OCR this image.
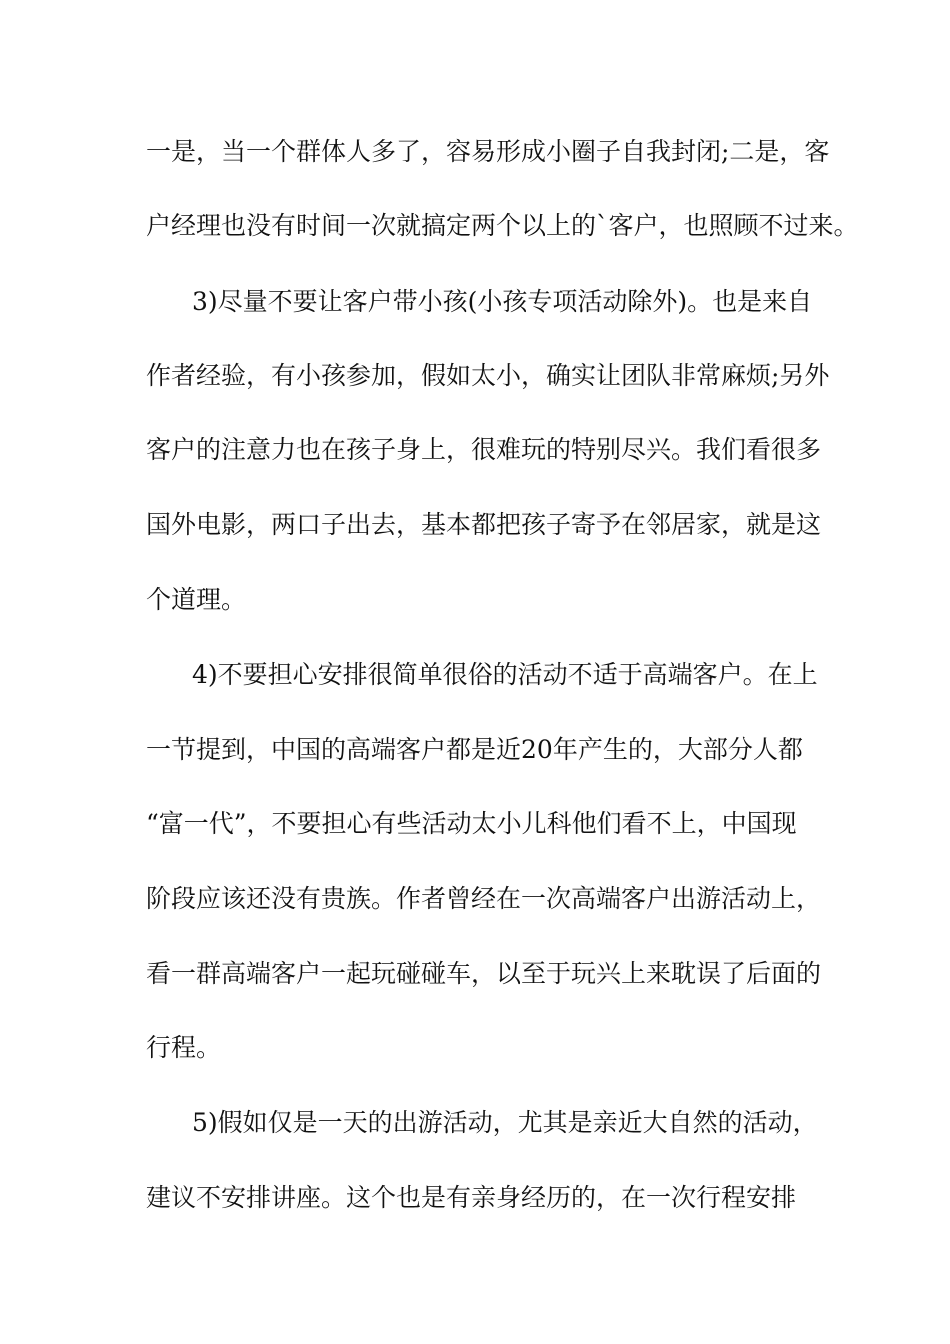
一是，当一个群体人多了，容易形成小圈子自我封闭;二是，客
户经理也没有时间一次就搞定两个以上的`客户，也照顾不过来。
3)尽量不要让客户带小孩(小孩专项活动除外)。也是来自
作者经验，有小孩参加，假如太小，确实让团队非常麻烦;另外
客户的注意力也在孩子身上，很难玩的特别尽兴。我们看很多
国外电影，两口子出去，基本都把孩子寄予在邻居家，就是这
个道理。
4)不要担心安排很简单很俗的活动不适于高端客户。在上
一节提到，中国的高端客户都是近20年产生的，大部分人都
“富一代”，不要担心有些活动太小儿科他们看不上，中国现
阶段应该还没有贵族。作者曾经在一次高端客户出游活动上，
看一群高端客户一起玩碰碰车，以至于玩兴上来耽误了后面的
行程。
5)假如仅是一天的出游活动，尤其是亲近大自然的活动，
建议不安排讲座。这个也是有亲身经历的，在一次行程安排
